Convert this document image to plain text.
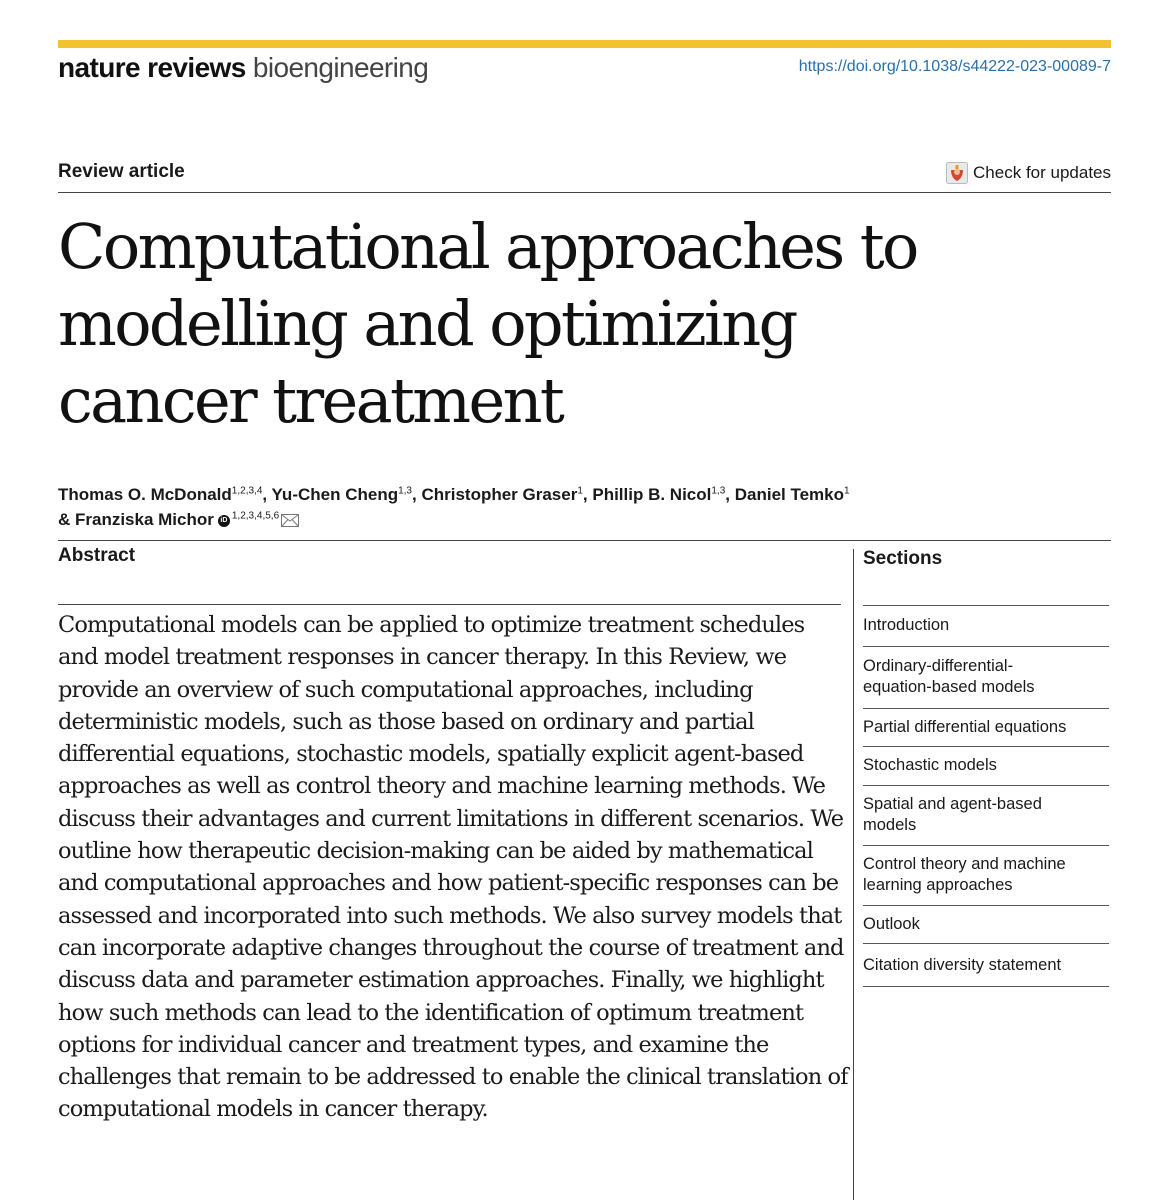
nature reviews bioengineering	https://doi.org/10.1038/s44222-023-00089-7
Review article	Check for updates
Computational approaches to modelling and optimizing cancer treatment
Thomas O. McDonald$^{1,2,3,4}$, Yu-Chen Cheng$^{1,3}$, Christopher Graser$^1$, Phillip B. Nicol$^{1,3}$, Daniel Temko$^1$
& Franziska Michor iD $^{1,2,3,4,5,6}$
Abstract

Computational models can be applied to optimize treatment schedules and model treatment responses in cancer therapy. In this Review, we provide an overview of such computational approaches, including deterministic models, such as those based on ordinary and partial differential equations, stochastic models, spatially explicit agent-based approaches as well as control theory and machine learning methods. We discuss their advantages and current limitations in different scenarios. We outline how therapeutic decision-making can be aided by mathematical and computational approaches and how patient-specific responses can be assessed and incorporated into such methods. We also survey models that can incorporate adaptive changes throughout the course of treatment and discuss data and parameter estimation approaches. Finally, we highlight how such methods can lead to the identification of optimum treatment options for individual cancer and treatment types, and examine the challenges that remain to be addressed to enable the clinical translation of computational models in cancer therapy.

Sections
Introduction
Ordinary-differential-
equation-based models
Partial differential equations
Stochastic models
Spatial and agent-based
models
Control theory and machine
learning approaches
Outlook
Citation diversity statement
